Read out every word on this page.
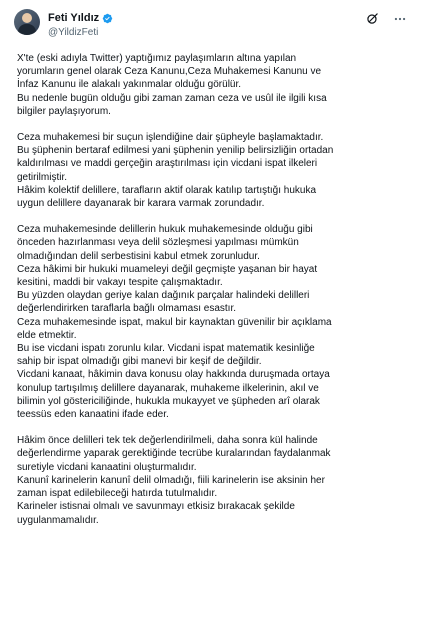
Feti Yıldız
@YildizFeti
X'te (eski adıyla Twitter) yaptığımız paylaşımların altına yapılan
yorumların genel olarak Ceza Kanunu,Ceza Muhakemesi Kanunu ve
İnfaz Kanunu ile alakalı yakınmalar olduğu görülür.
Bu nedenle bugün olduğu gibi zaman zaman ceza ve usûl ile ilgili kısa
bilgiler paylaşıyorum.
Ceza muhakemesi bir suçun işlendiğine dair şüpheyle başlamaktadır.
Bu şüphenin bertaraf edilmesi yani şüphenin yenilip belirsizliğin ortadan
kaldırılması ve maddi gerçeğin araştırılması için vicdani ispat ilkeleri
getirilmiştir.
Hâkim kolektif delillere, tarafların aktif olarak katılıp tartıştığı hukuka
uygun delillere dayanarak bir karara varmak zorundadır.
Ceza muhakemesinde delillerin hukuk muhakemesinde olduğu gibi
önceden hazırlanması veya delil sözleşmesi yapılması mümkün
olmadığından delil serbestisini kabul etmek zorunludur.
Ceza hâkimi bir hukuki muameleyi değil geçmişte yaşanan bir hayat
kesitini, maddi bir vakayı tespite çalışmaktadır.
Bu yüzden olaydan geriye kalan dağınık parçalar halindeki delilleri
değerlendirirken taraflarla bağlı olmaması esastır.
Ceza muhakemesinde ispat, makul bir kaynaktan güvenilir bir açıklama
elde etmektir.
Bu ise vicdani ispatı zorunlu kılar. Vicdani ispat matematik kesinliğe
sahip bir ispat olmadığı gibi manevi bir keşif de değildir.
Vicdani kanaat, hâkimin dava konusu olay hakkında duruşmada ortaya
konulup tartışılmış delillere dayanarak, muhakeme ilkelerinin, akıl ve
bilimin yol göstericiliğinde, hukukla mukayyet ve şüpheden arî olarak
teessüs eden kanaatini ifade eder.
Hâkim önce delilleri tek tek değerlendirilmeli, daha sonra kül halinde
değerlendirme yaparak gerektiğinde tecrübe kuralarından faydalanmak
suretiyle vicdani kanaatini oluşturmalıdır.
Kanunî karinelerin kanunî delil olmadığı, fiili karinelerin ise aksinin her
zaman ispat edilebileceği hatırda tutulmalıdır.
Karineler istisnai olmalı ve savunmayı etkisiz bırakacak şekilde
uygulanmamalıdır.
